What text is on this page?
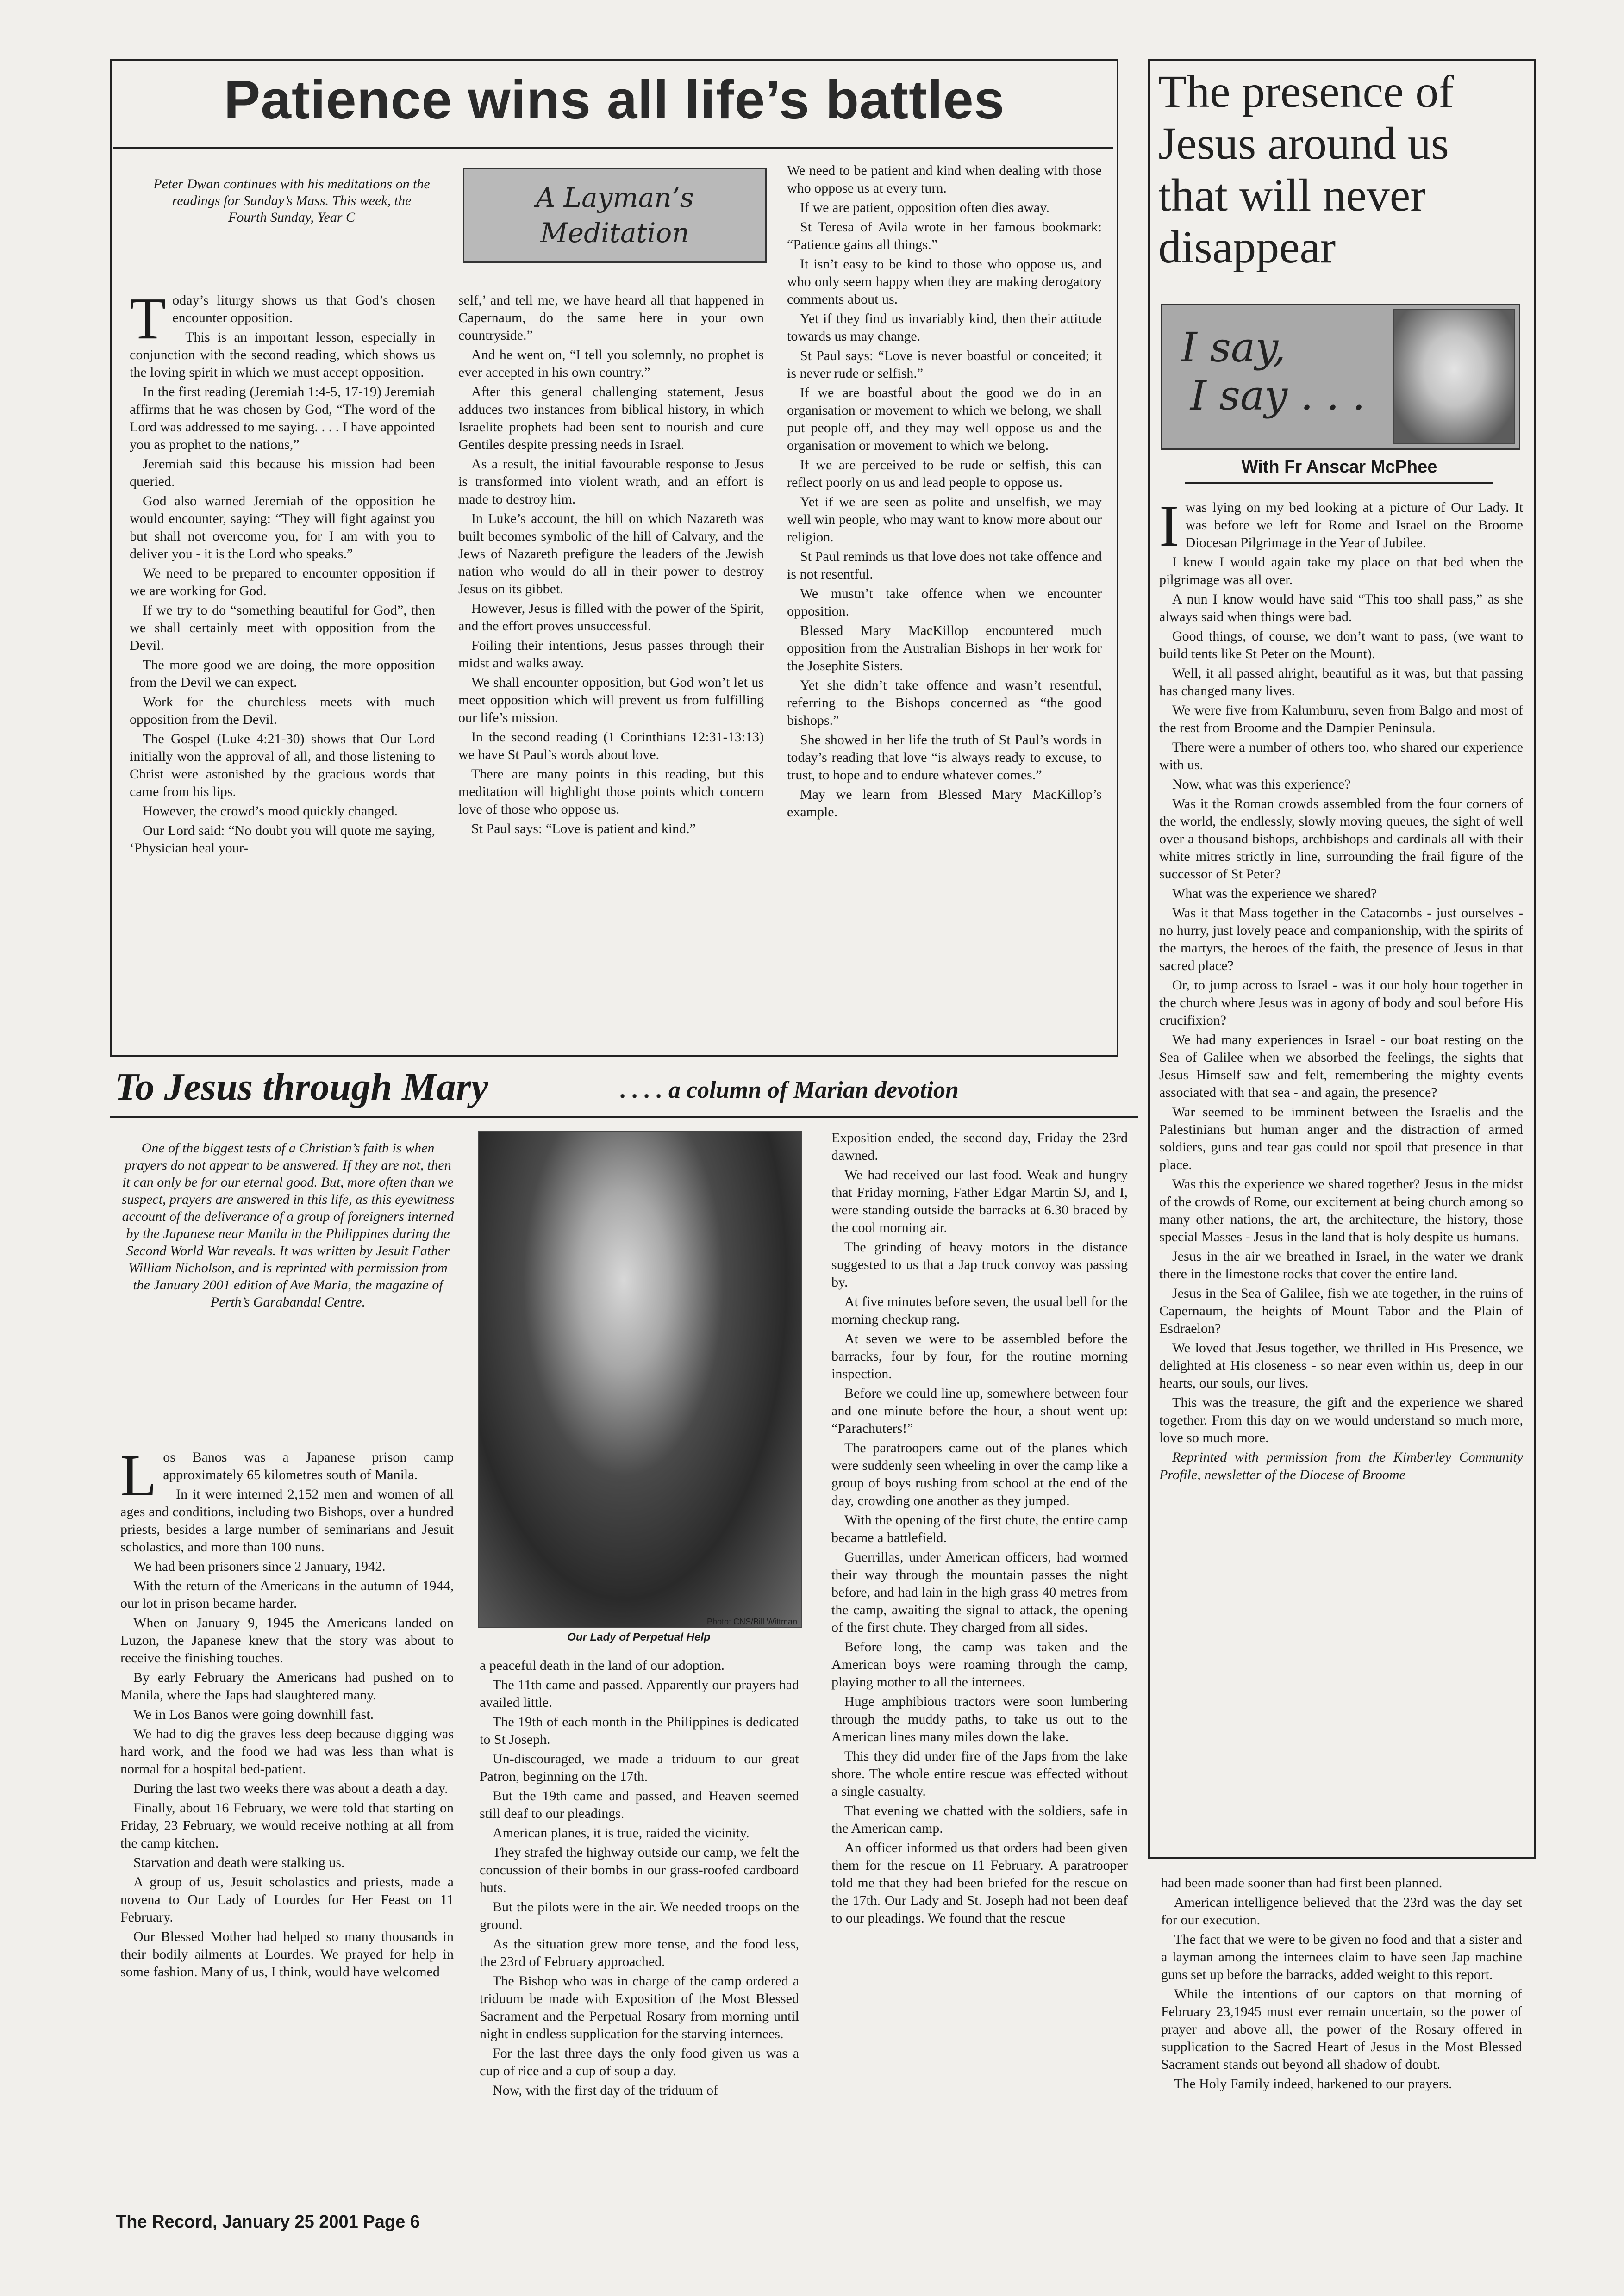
Patience wins all life’s battles
Peter Dwan continues with his meditations on the readings for Sunday’s Mass. This week, the Fourth Sunday, Year C
A Layman’s
Meditation

Today’s liturgy shows us that God’s chosen encounter opposition.

This is an important lesson, especially in conjunction with the second reading, which shows us the loving spirit in which we must accept opposition.

In the first reading (Jeremiah 1:4-5, 17-19) Jeremiah affirms that he was chosen by God, “The word of the Lord was addressed to me saying. . . . I have appointed you as prophet to the nations,”

Jeremiah said this because his mission had been queried.

God also warned Jeremiah of the opposition he would encounter, saying: “They will fight against you but shall not overcome you, for I am with you to deliver you - it is the Lord who speaks.”

We need to be prepared to encounter opposition if we are working for God.

If we try to do “something beautiful for God”, then we shall certainly meet with opposition from the Devil.

The more good we are doing, the more opposition from the Devil we can expect.

Work for the churchless meets with much opposition from the Devil.

The Gospel (Luke 4:21-30) shows that Our Lord initially won the approval of all, and those listening to Christ were astonished by the gracious words that came from his lips.

However, the crowd’s mood quickly changed.

Our Lord said: “No doubt you will quote me saying, ‘Physician heal your-

self,’ and tell me, we have heard all that happened in Capernaum, do the same here in your own countryside.”

And he went on, “I tell you solemnly, no prophet is ever accepted in his own country.”

After this general challenging statement, Jesus adduces two instances from biblical history, in which Israelite prophets had been sent to nourish and cure Gentiles despite pressing needs in Israel.

As a result, the initial favourable response to Jesus is transformed into violent wrath, and an effort is made to destroy him.

In Luke’s account, the hill on which Nazareth was built becomes symbolic of the hill of Calvary, and the Jews of Nazareth prefigure the leaders of the Jewish nation who would do all in their power to destroy Jesus on its gibbet.

However, Jesus is filled with the power of the Spirit, and the effort proves unsuccessful.

Foiling their intentions, Jesus passes through their midst and walks away.

We shall encounter opposition, but God won’t let us meet opposition which will prevent us from fulfilling our life’s mission.

In the second reading (1 Corinthians 12:31-13:13) we have St Paul’s words about love.

There are many points in this reading, but this meditation will highlight those points which concern love of those who oppose us.

St Paul says: “Love is patient and kind.”

We need to be patient and kind when dealing with those who oppose us at every turn.

If we are patient, opposition often dies away.

St Teresa of Avila wrote in her famous bookmark: “Patience gains all things.”

It isn’t easy to be kind to those who oppose us, and who only seem happy when they are making derogatory comments about us.

Yet if they find us invariably kind, then their attitude towards us may change.

St Paul says: “Love is never boastful or conceited; it is never rude or selfish.”

If we are boastful about the good we do in an organisation or movement to which we belong, we shall put people off, and they may well oppose us and the organisation or movement to which we belong.

If we are perceived to be rude or selfish, this can reflect poorly on us and lead people to oppose us.

Yet if we are seen as polite and unselfish, we may well win people, who may want to know more about our religion.

St Paul reminds us that love does not take offence and is not resentful.

We mustn’t take offence when we encounter opposition.

Blessed Mary MacKillop encountered much opposition from the Australian Bishops in her work for the Josephite Sisters.

Yet she didn’t take offence and wasn’t resentful, referring to the Bishops concerned as “the good bishops.”

She showed in her life the truth of St Paul’s words in today’s reading that love “is always ready to excuse, to trust, to hope and to endure whatever comes.”

May we learn from Blessed Mary MacKillop’s example.

The presence of Jesus around us that will never disappear
I say,
I say . . .
With Fr Anscar McPhee

Iwas lying on my bed looking at a picture of Our Lady. It was before we left for Rome and Israel on the Broome Diocesan Pilgrimage in the Year of Jubilee.

I knew I would again take my place on that bed when the pilgrimage was all over.

A nun I know would have said “This too shall pass,” as she always said when things were bad.

Good things, of course, we don’t want to pass, (we want to build tents like St Peter on the Mount).

Well, it all passed alright, beautiful as it was, but that passing has changed many lives.

We were five from Kalumburu, seven from Balgo and most of the rest from Broome and the Dampier Peninsula.

There were a number of others too, who shared our experience with us.

Now, what was this experience?

Was it the Roman crowds assembled from the four corners of the world, the endlessly, slowly moving queues, the sight of well over a thousand bishops, archbishops and cardinals all with their white mitres strictly in line, surrounding the frail figure of the successor of St Peter?

What was the experience we shared?

Was it that Mass together in the Catacombs - just ourselves - no hurry, just lovely peace and companionship, with the spirits of the martyrs, the heroes of the faith, the presence of Jesus in that sacred place?

Or, to jump across to Israel - was it our holy hour together in the church where Jesus was in agony of body and soul before His crucifixion?

We had many experiences in Israel - our boat resting on the Sea of Galilee when we absorbed the feelings, the sights that Jesus Himself saw and felt, remembering the mighty events associated with that sea - and again, the presence?

War seemed to be imminent between the Israelis and the Palestinians but human anger and the distraction of armed soldiers, guns and tear gas could not spoil that presence in that place.

Was this the experience we shared together? Jesus in the midst of the crowds of Rome, our excitement at being church among so many other nations, the art, the architecture, the history, those special Masses - Jesus in the land that is holy despite us humans.

Jesus in the air we breathed in Israel, in the water we drank there in the limestone rocks that cover the entire land.

Jesus in the Sea of Galilee, fish we ate together, in the ruins of Capernaum, the heights of Mount Tabor and the Plain of Esdraelon?

We loved that Jesus together, we thrilled in His Presence, we delighted at His closeness - so near even within us, deep in our hearts, our souls, our lives.

This was the treasure, the gift and the experience we shared together. From this day on we would understand so much more, love so much more.

Reprinted with permission from the Kimberley Community Profile, newsletter of the Diocese of Broome

To Jesus through Mary	. . . . a column of Marian devotion
One of the biggest tests of a Christian’s faith is when prayers do not appear to be answered. If they are not, then it can only be for our eternal good. But, more often than we suspect, prayers are answered in this life, as this eyewitness account of the deliverance of a group of foreigners interned by the Japanese near Manila in the Philippines during the Second World War reveals. It was written by Jesuit Father William Nicholson, and is reprinted with permission from the January 2001 edition of Ave Maria, the magazine of Perth’s Garabandal Centre.
Photo: CNS/Bill Wittman
Our Lady of Perpetual Help

Los Banos was a Japanese prison camp approximately 65 kilometres south of Manila.

In it were interned 2,152 men and women of all ages and conditions, including two Bishops, over a hundred priests, besides a large number of seminarians and Jesuit scholastics, and more than 100 nuns.

We had been prisoners since 2 January, 1942.

With the return of the Americans in the autumn of 1944, our lot in prison became harder.

When on January 9, 1945 the Americans landed on Luzon, the Japanese knew that the story was about to receive the finishing touches.

By early February the Americans had pushed on to Manila, where the Japs had slaughtered many.

We in Los Banos were going downhill fast.

We had to dig the graves less deep because digging was hard work, and the food we had was less than what is normal for a hospital bed-patient.

During the last two weeks there was about a death a day.

Finally, about 16 February, we were told that starting on Friday, 23 February, we would receive nothing at all from the camp kitchen.

Starvation and death were stalking us.

A group of us, Jesuit scholastics and priests, made a novena to Our Lady of Lourdes for Her Feast on 11 February.

Our Blessed Mother had helped so many thousands in their bodily ailments at Lourdes. We prayed for help in some fashion. Many of us, I think, would have welcomed

a peaceful death in the land of our adoption.

The 11th came and passed. Apparently our prayers had availed little.

The 19th of each month in the Philippines is dedicated to St Joseph.

Un-discouraged, we made a triduum to our great Patron, beginning on the 17th.

But the 19th came and passed, and Heaven seemed still deaf to our pleadings.

American planes, it is true, raided the vicinity.

They strafed the highway outside our camp, we felt the concussion of their bombs in our grass-roofed cardboard huts.

But the pilots were in the air. We needed troops on the ground.

As the situation grew more tense, and the food less, the 23rd of February approached.

The Bishop who was in charge of the camp ordered a triduum be made with Exposition of the Most Blessed Sacrament and the Perpetual Rosary from morning until night in endless supplication for the starving internees.

For the last three days the only food given us was a cup of rice and a cup of soup a day.

Now, with the first day of the triduum of

Exposition ended, the second day, Friday the 23rd dawned.

We had received our last food. Weak and hungry that Friday morning, Father Edgar Martin SJ, and I, were standing outside the barracks at 6.30 braced by the cool morning air.

The grinding of heavy motors in the distance suggested to us that a Jap truck convoy was passing by.

At five minutes before seven, the usual bell for the morning checkup rang.

At seven we were to be assembled before the barracks, four by four, for the routine morning inspection.

Before we could line up, somewhere between four and one minute before the hour, a shout went up: “Parachuters!”

The paratroopers came out of the planes which were suddenly seen wheeling in over the camp like a group of boys rushing from school at the end of the day, crowding one another as they jumped.

With the opening of the first chute, the entire camp became a battlefield.

Guerrillas, under American officers, had wormed their way through the mountain passes the night before, and had lain in the high grass 40 metres from the camp, awaiting the signal to attack, the opening of the first chute. They charged from all sides.

Before long, the camp was taken and the American boys were roaming through the camp, playing mother to all the internees.

Huge amphibious tractors were soon lumbering through the muddy paths, to take us out to the American lines many miles down the lake.

This they did under fire of the Japs from the lake shore. The whole entire rescue was effected without a single casualty.

That evening we chatted with the soldiers, safe in the American camp.

An officer informed us that orders had been given them for the rescue on 11 February. A paratrooper told me that they had been briefed for the rescue on the 17th. Our Lady and St. Joseph had not been deaf to our pleadings. We found that the rescue

had been made sooner than had first been planned.

American intelligence believed that the 23rd was the day set for our execution.

The fact that we were to be given no food and that a sister and a layman among the internees claim to have seen Jap machine guns set up before the barracks, added weight to this report.

While the intentions of our captors on that morning of February 23,1945 must ever remain uncertain, so the power of prayer and above all, the power of the Rosary offered in supplication to the Sacred Heart of Jesus in the Most Blessed Sacrament stands out beyond all shadow of doubt.

The Holy Family indeed, harkened to our prayers.

The Record, January 25 2001 Page 6
